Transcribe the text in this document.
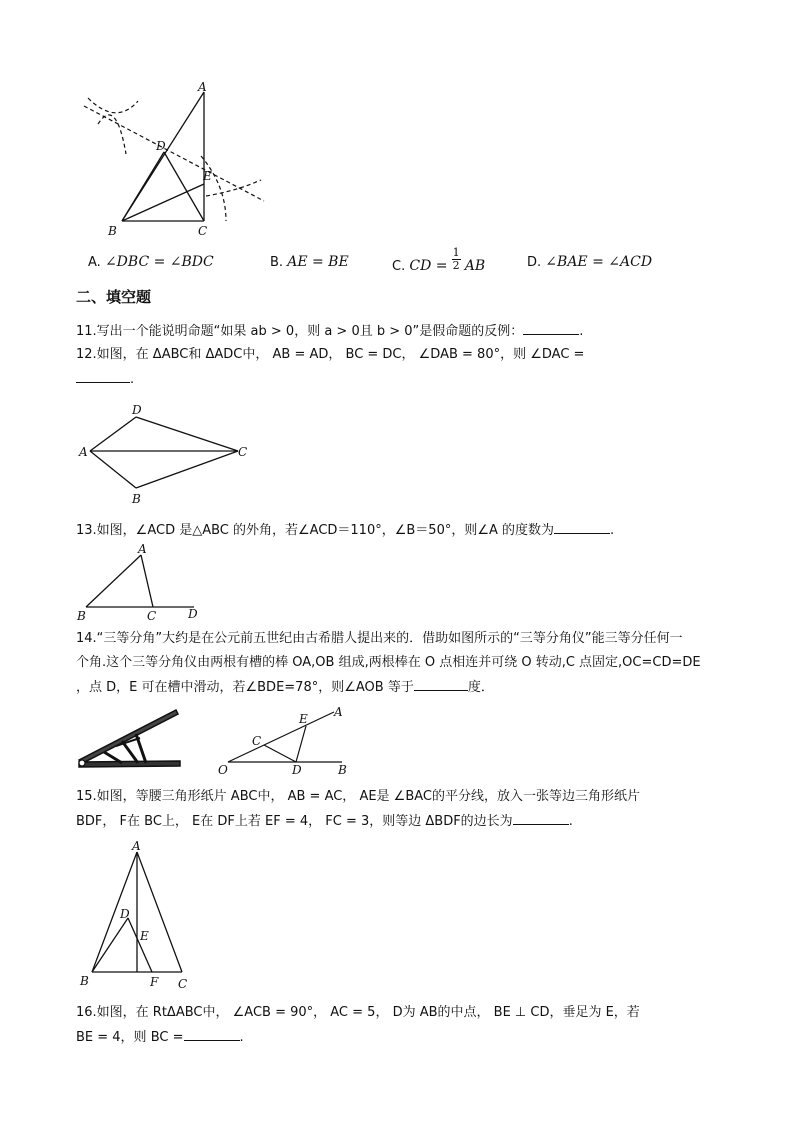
A
D
E
B	C
A. ∠DBC = ∠BDC	B. AE = BE	C. CD = $\frac{1}{2}$ AB	D. ∠BAE = ∠ACD
二、填空题
11.写出一个能说明命题“如果 ab > 0，则 a > 0且 b > 0”是假命题的反例：	.
12.如图，在 ΔABC和 ΔADC中， AB = AD， BC = DC， ∠DAB = 80°，则 ∠DAC =
.
D
A	C
B
13.如图，∠ACD 是△ABC 的外角，若∠ACD＝110°，∠B＝50°，则∠A 的度数为	.
A
B	C	D
14.“三等分角”大约是在公元前五世纪由古希腊人提出来的．借助如图所示的“三等分角仪”能三等分任何一
个角.这个三等分角仪由两根有槽的棒 OA,OB 组成,两根棒在 O 点相连并可绕 O 转动,C 点固定,OC=CD=DE
，点 D，E 可在槽中滑动，若∠BDE=78°，则∠AOB 等于	度．
E A
C
O	D	B
15.如图，等腰三角形纸片 ABC中， AB = AC， AE是 ∠BAC的平分线，放入一张等边三角形纸片
BDF， F在 BC上， E在 DF上若 EF = 4， FC = 3，则等边 ΔBDF的边长为	.
A
D
E
B	F C
16.如图，在 RtΔABC中， ∠ACB = 90°， AC = 5， D为 AB的中点， BE ⊥ CD，垂足为 E，若
BE = 4，则 BC =	.
